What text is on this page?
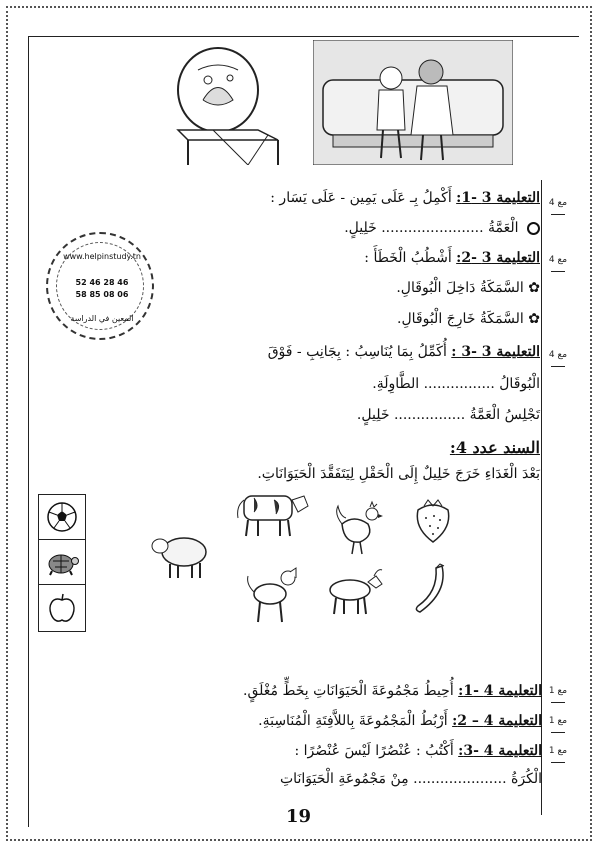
التعليمة 3 -1: أَكْمِلُ بِـ عَلَى يَمِين - عَلَى يَسَار :
الْعَمَّةُ ....................... خَلِيلٍ.
التعليمة 3 -2: أَشْطُبُ الْخَطَأَ :
✿ السَّمَكَةُ دَاخِلَ الْبُوقَالِ.
✿ السَّمَكَةُ خَارِجَ الْبُوقَالِ.
التعليمة 3 -3 : أُكَمِّلُ بِمَا يُنَاسِبُ : بِجَانِبِ - فَوْقَ
الْبُوقَالُ ................ الطَّاوِلَةِ.
تَجْلِسُ الْعَمَّةُ ................ خَلِيلٍ.
السند عدد 4:
بَعْدَ الْغَدَاءِ خَرَجَ خَلِيلٌ إِلَى الْحَقْلِ لِيَتَفَقَّدَ الْحَيَوَانَاتِ.
www.helpinstudy.tn
52 46 28 46
58 85 08 06
المعين في الدراسة
التعليمة 4 -1: أُحِيطُ مَجْمُوعَةَ الْحَيَوَانَاتِ بِخَطٍّ مُغْلَقٍ.
التعليمة 4 – 2: أَرْبُطُ الْمَجْمُوعَةَ بِاللاَّفِتَةِ الْمُنَاسِبَةِ.
التعليمة 4 -3: أَكْتُبُ : عُنْصُرًا لَيْسَ عُنْصُرًا :
الْكُرَةُ ..................... مِنْ مَجْمُوعَةِ الْحَيَوَانَاتِ
مع 4
مع 4
مع 4
مع 1
مع 1
مع 1
19
